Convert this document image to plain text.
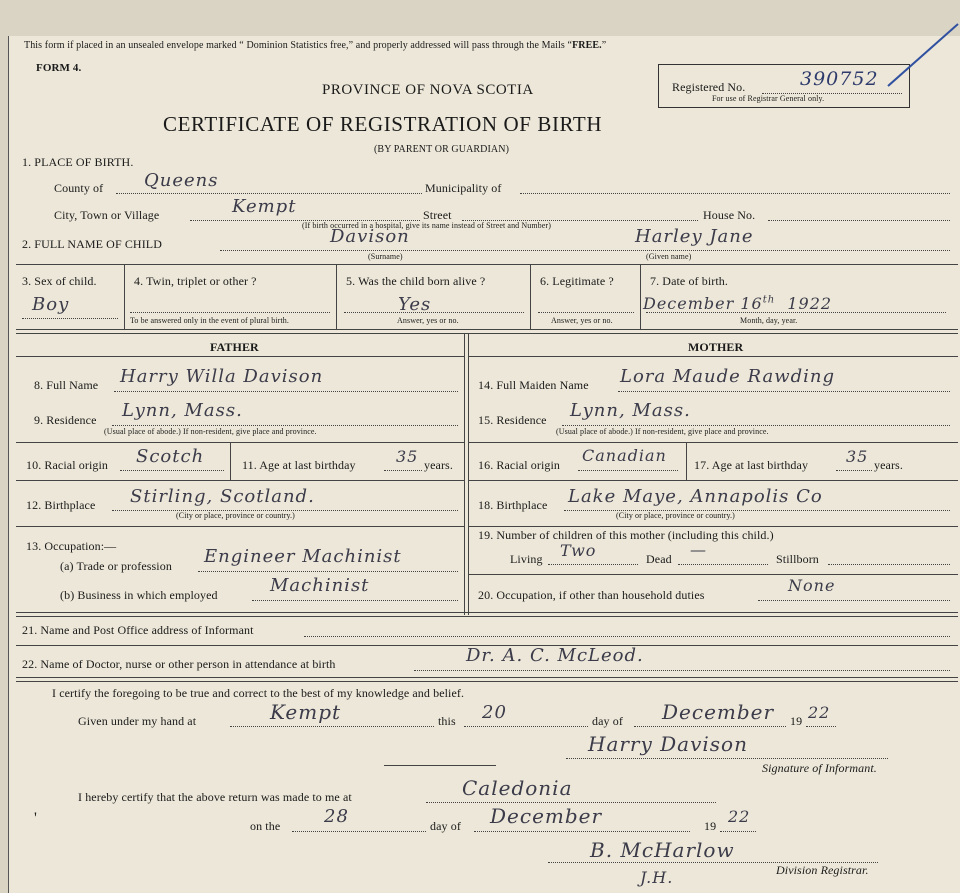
This form if placed in an unsealed envelope marked “ Dominion Statistics free,” and properly addressed will pass through the Mails “FREE.”
FORM 4.
PROVINCE OF NOVA SCOTIA	Registered No.	390752
For use of Registrar General only.
CERTIFICATE OF REGISTRATION OF BIRTH
(BY PARENT OR GUARDIAN)
1. PLACE OF BIRTH.
County of Queens	Municipality of
City, Town or Village	Kempt	Street
(If birth occurred in a hospital, give its name instead of Street and Number)
House No.
2. FULL NAME OF CHILD	Davison
(Surname)
Harley Jane
(Given name)
3. Sex of child.
Boy
4. Twin, triplet or other ?
To be answered only in the event of plural birth.
5. Was the child born alive ?
Yes
Answer, yes or no.
6. Legitimate ?
Answer, yes or no.
7. Date of birth.
December 16th 1922
Month, day, year.
FATHER	MOTHER
8. Full Name Harry Willa Davison
9. Residence Lynn, Mass.
(Usual place of abode.) If non-resident, give place and province.
10. Racial origin Scotch	11. Age at last birthday	35 years.
12. Birthplace Stirling, Scotland.
(City or place, province or country.)
13. Occupation:—
(a) Trade or profession Engineer Machinist
(b) Business in which employed	Machinist
14. Full Maiden Name Lora Maude Rawding
15. Residence Lynn, Mass.
(Usual place of abode.) If non-resident, give place and province.
16. Racial origin Canadian 17. Age at last birthday 35 years.
18. Birthplace Lake Maye, Annapolis Co
(City or place, province or country.)
19. Number of children of this mother (including this child.)
Living Two	Dead —	Stillborn
20. Occupation, if other than household duties	None
21. Name and Post Office address of Informant
22. Name of Doctor, nurse or other person in attendance at birth	Dr. A. C. McLeod.
I certify the foregoing to be true and correct to the best of my knowledge and belief.
Given under my hand at	Kempt	this 20	day of December 19 22
Harry Davison
Signature of Informant.
I hereby certify that the above return was made to me at	Caledonia
'	on the 28	day of December	19 22
B. McHarlow
Division Registrar.
J.H.
